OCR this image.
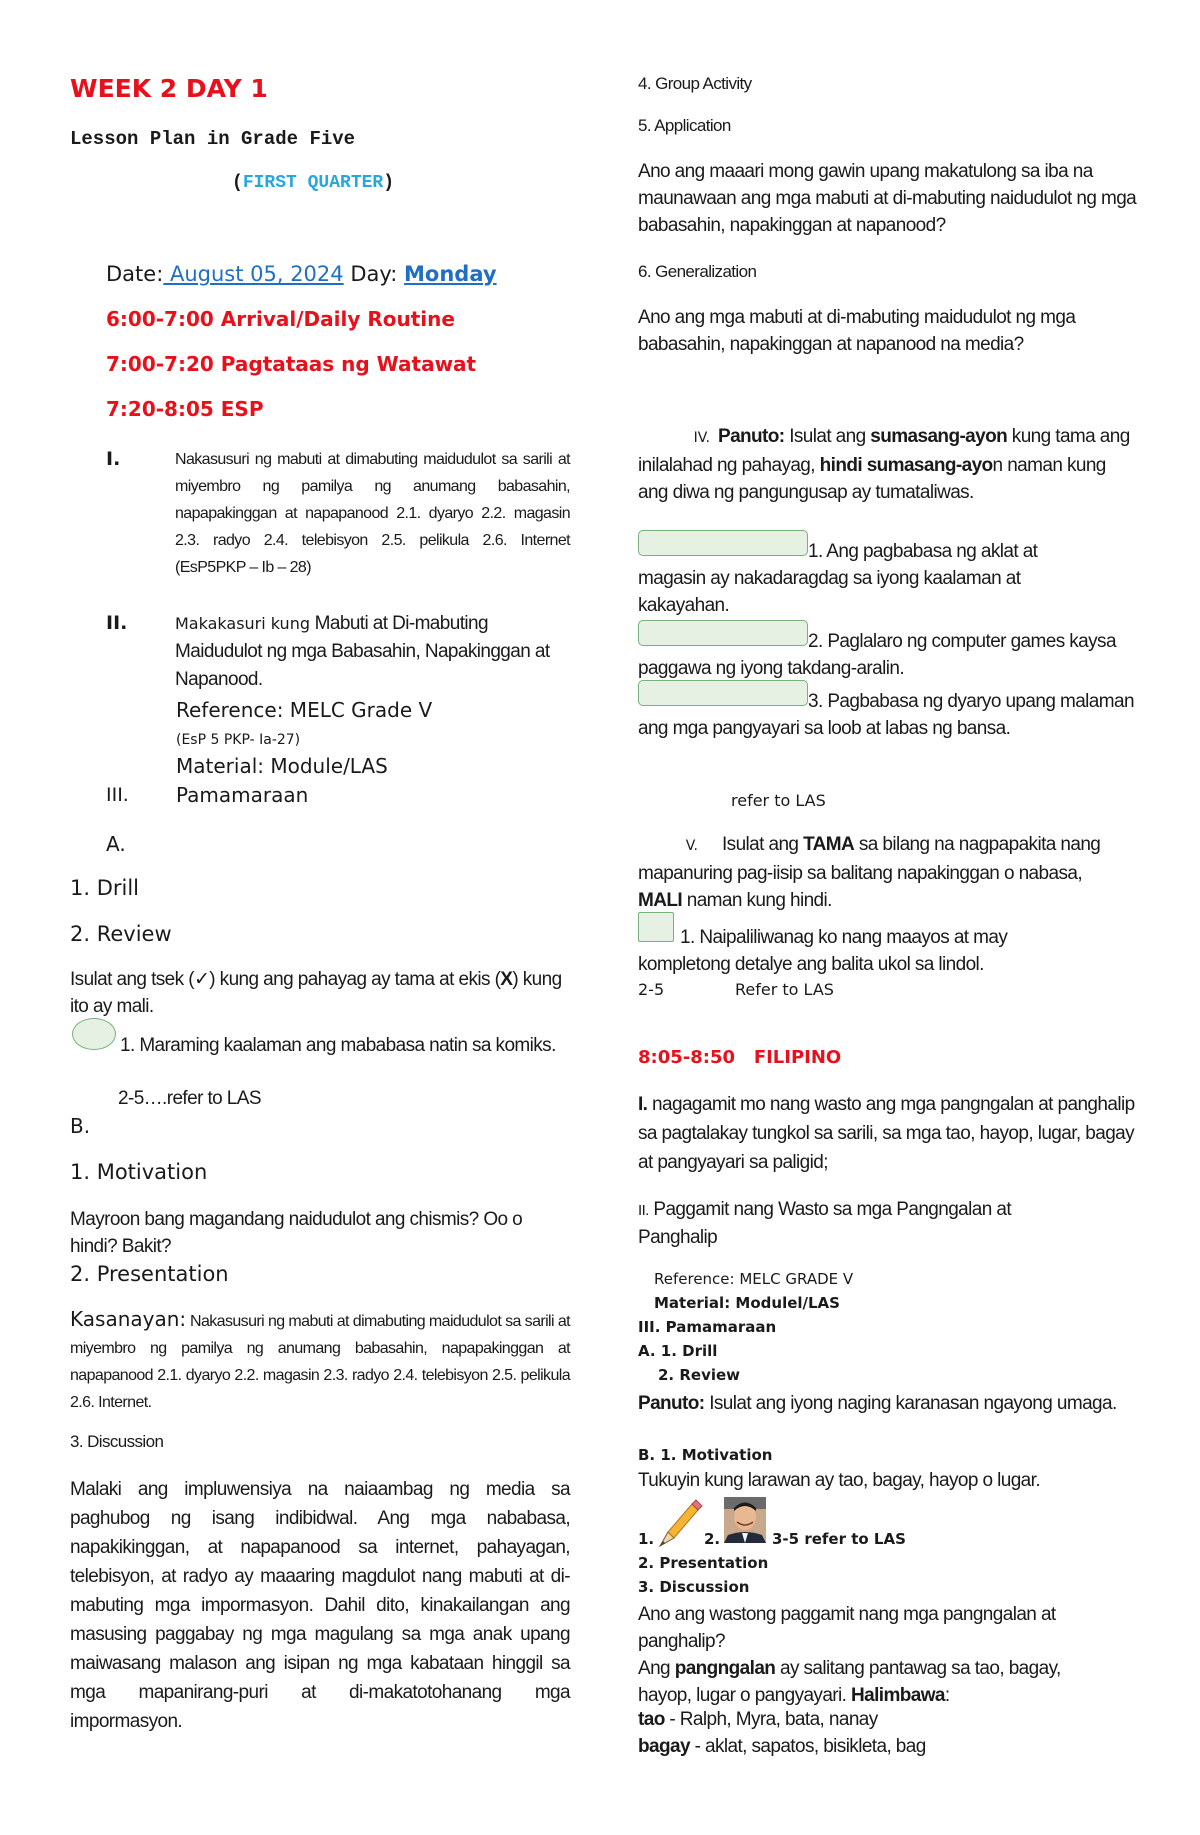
WEEK 2 DAY 1
Lesson Plan in Grade Five
(FIRST QUARTER)
Date: August 05, 2024 Day: Monday
6:00-7:00 Arrival/Daily Routine
7:00-7:20 Pagtataas ng Watawat
7:20-8:05 ESP
I.	Nakasusuri ng mabuti at dimabuting maidudulot sa sarili at miyembro ng pamilya ng anumang babasahin, napapakinggan at napapanood 2.1. dyaryo 2.2. magasin 2.3. radyo 2.4. telebisyon 2.5. pelikula 2.6. Internet (EsP5PKP – Ib – 28)
II.	Makakasuri kung Mabuti at Di-mabuting Maidudulot ng mga Babasahin, Napakinggan at Napanood.
Reference: MELC Grade V
(EsP 5 PKP- Ia-27)
Material: Module/LAS
III. Pamamaraan
A.
1. Drill
2. Review
Isulat ang tsek (✓) kung ang pahayag ay tama at ekis (X) kung ito ay mali.
1. Maraming kaalaman ang mababasa natin sa komiks.
2-5….refer to LAS
B.
1. Motivation
Mayroon bang magandang naidudulot ang chismis? Oo o hindi? Bakit?
2. Presentation
Kasanayan: Nakasusuri ng mabuti at dimabuting maidudulot sa sarili at miyembro ng pamilya ng anumang babasahin, napapakinggan at napapanood 2.1. dyaryo 2.2. magasin 2.3. radyo 2.4. telebisyon 2.5. pelikula 2.6. Internet.
3. Discussion
Malaki ang impluwensiya na naiaambag ng media sa paghubog ng isang indibidwal. Ang mga nababasa, napakikinggan, at napapanood sa internet, pahayagan, telebisyon, at radyo ay maaaring magdulot nang mabuti at di-mabuting mga impormasyon. Dahil dito, kinakailangan ang masusing paggabay ng mga magulang sa mga anak upang maiwasang malason ang isipan ng mga kabataan hinggil sa mga mapanirang-puri at di-makatotohanang mga impormasyon.
4. Group Activity
5. Application
Ano ang maaari mong gawin upang makatulong sa iba na maunawaan ang mga mabuti at di-mabuting naidudulot ng mga babasahin, napakinggan at napanood?
6. Generalization
Ano ang mga mabuti at di-mabuting maidudulot ng mga babasahin, napakinggan at napanood na media?
IV. Panuto: Isulat ang sumasang-ayon kung tama ang inilalahad ng pahayag, hindi sumasang-ayon naman kung ang diwa ng pangungusap ay tumataliwas.
1. Ang pagbabasa ng aklat at magasin ay nakadaragdag sa iyong kaalaman at kakayahan.
2. Paglalaro ng computer games kaysa paggawa ng iyong takdang-aralin.
3. Pagbabasa ng dyaryo upang malaman ang mga pangyayari sa loob at labas ng bansa.
refer to LAS
V. Isulat ang TAMA sa bilang na nagpapakita nang mapanuring pag-iisip sa balitang napakinggan o nabasa, MALI naman kung hindi.
1. Naipaliliwanag ko nang maayos at may kompletong detalye ang balita ukol sa lindol.
2-5	Refer to LAS
8:05-8:50   FILIPINO
I. nagagamit mo nang wasto ang mga pangngalan at panghalip sa pagtalakay tungkol sa sarili, sa mga tao, hayop, lugar, bagay at pangyayari sa paligid;
II. Paggamit nang Wasto sa mga Pangngalan at Panghalip
Reference: MELC GRADE V
Material: Modulel/LAS
III. Pamamaraan
A. 1. Drill
2. Review
Panuto: Isulat ang iyong naging karanasan ngayong umaga.
B. 1. Motivation
Tukuyin kung larawan ay tao, bagay, hayop o lugar.
1.	2.	3-5 refer to LAS
2. Presentation
3. Discussion
Ano ang wastong paggamit nang mga pangngalan at panghalip?
Ang pangngalan ay salitang pantawag sa tao, bagay, hayop, lugar o pangyayari. Halimbawa:
tao - Ralph, Myra, bata, nanay
bagay - aklat, sapatos, bisikleta, bag
